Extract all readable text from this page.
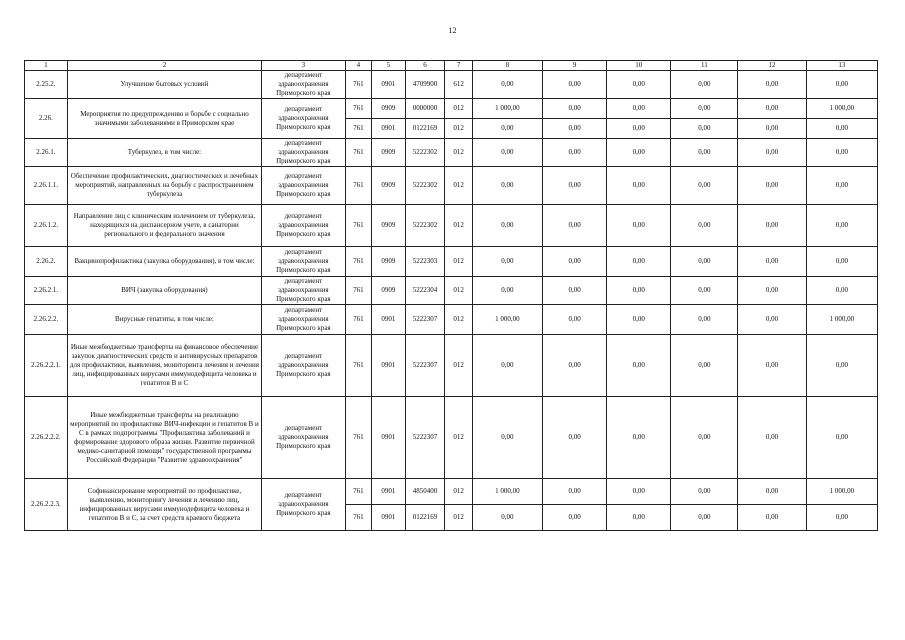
12
1	2	3	4	5	6	7	8	9	10	11	12	13
2.25.2.	Улучшение бытовых условий	департамент здравоохранения Приморского края	761	0901	4709900	612	0,00	0,00	0,00	0,00	0,00	0,00
2.26.	Мероприятия по предупреждению и борьбе с социально значимыми заболеваниями в Приморском крае	департамент здравоохранения Приморского края	761	0909	0000000	012	1 000,00	0,00	0,00	0,00	0,00	1 000,00
			761	0901	0122169	012	0,00	0,00	0,00	0,00	0,00	0,00
2.26.1.	Туберкулез, в том числе:	департамент здравоохранения Приморского края	761	0909	5222302	012	0,00	0,00	0,00	0,00	0,00	0,00
2.26.1.1.	Обеспечение профилактических, диагностических и лечебных мероприятий, направленных на борьбу с распространением туберкулеза	департамент здравоохранения Приморского края	761	0909	5222302	012	0,00	0,00	0,00	0,00	0,00	0,00
2.26.1.2.	Направление лиц с клиническим излечением от туберкулеза, находящихся на диспансерном учете, в санатории регионального и федерального значения	департамент здравоохранения Приморского края	761	0909	5222302	012	0,00	0,00	0,00	0,00	0,00	0,00
2.26.2.	Вакцинопрофилактика (закупка оборудования), в том числе:	департамент здравоохранения Приморского края	761	0909	5222303	012	0,00	0,00	0,00	0,00	0,00	0,00
2.26.2.1.	ВИЧ (закупка оборудования)	департамент здравоохранения Приморского края	761	0909	5222304	012	0,00	0,00	0,00	0,00	0,00	0,00
2.26.2.2.	Вирусные гепатиты, в том числе:	департамент здравоохранения Приморского края	761	0901	5222307	012	1 000,00	0,00	0,00	0,00	0,00	1 000,00
2.26.2.2.1.	Иные межбюджетные трансферты на финансовое обеспечение закупок диагностических средств и антивирусных препаратов для профилактики, выявления, мониторинга лечения и лечения лиц, инфицированных вирусами иммунодефицита человека и гепатитов В и С	департамент здравоохранения Приморского края	761	0901	5222307	012	0,00	0,00	0,00	0,00	0,00	0,00
2.26.2.2.2.	Иные межбюджетные трансферты на реализацию мероприятий по профилактике ВИЧ-инфекции и гепатитов В и С в рамках подпрограммы "Профилактика заболеваний и формирование здорового образа жизни. Развитие первичной медико-санитарной помощи" государственной программы Российской Федерации "Развитие здравоохранения"	департамент здравоохранения Приморского края	761	0901	5222307	012	0,00	0,00	0,00	0,00	0,00	0,00
2.26.2.2.3.	Софинансирование мероприятий по профилактике, выявлению, мониторингу лечения и лечению лиц, инфицированных вирусами иммунодефицита человека и гепатитов В и С, за счет средств краевого бюджета	департамент здравоохранения Приморского края	761	0901	4850400	012	1 000,00	0,00	0,00	0,00	0,00	1 000,00
			761	0901	0122169	012	0,00	0,00	0,00	0,00	0,00	0,00
